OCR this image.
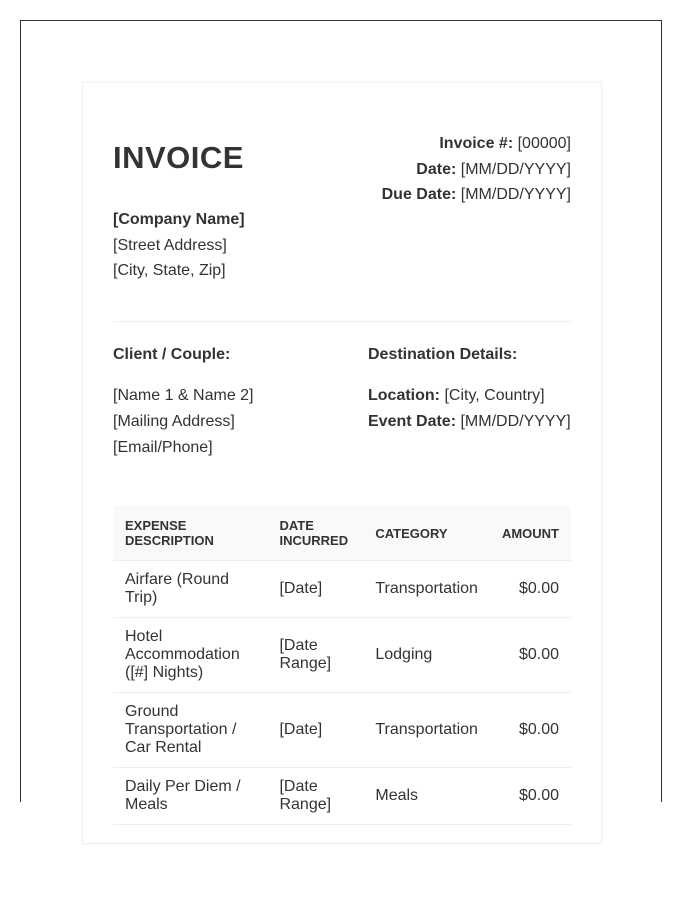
INVOICE	Invoice #: [00000]
Date: [MM/DD/YYYY]
Due Date: [MM/DD/YYYY]
[Company Name]
[Street Address]
[City, State, Zip]
Client / Couple:	Destination Details:
[Name 1 & Name 2]
[Mailing Address]
[Email/Phone]
Location: [City, Country]
Event Date: [MM/DD/YYYY]
EXPENSE DESCRIPTION	DATE INCURRED	CATEGORY	AMOUNT
Airfare (Round Trip)	[Date]	Transportation	$0.00
Hotel Accommodation ([#] Nights)	[Date Range]	Lodging	$0.00
Ground Transportation / Car Rental	[Date]	Transportation	$0.00
Daily Per Diem / Meals	[Date Range]	Meals	$0.00
